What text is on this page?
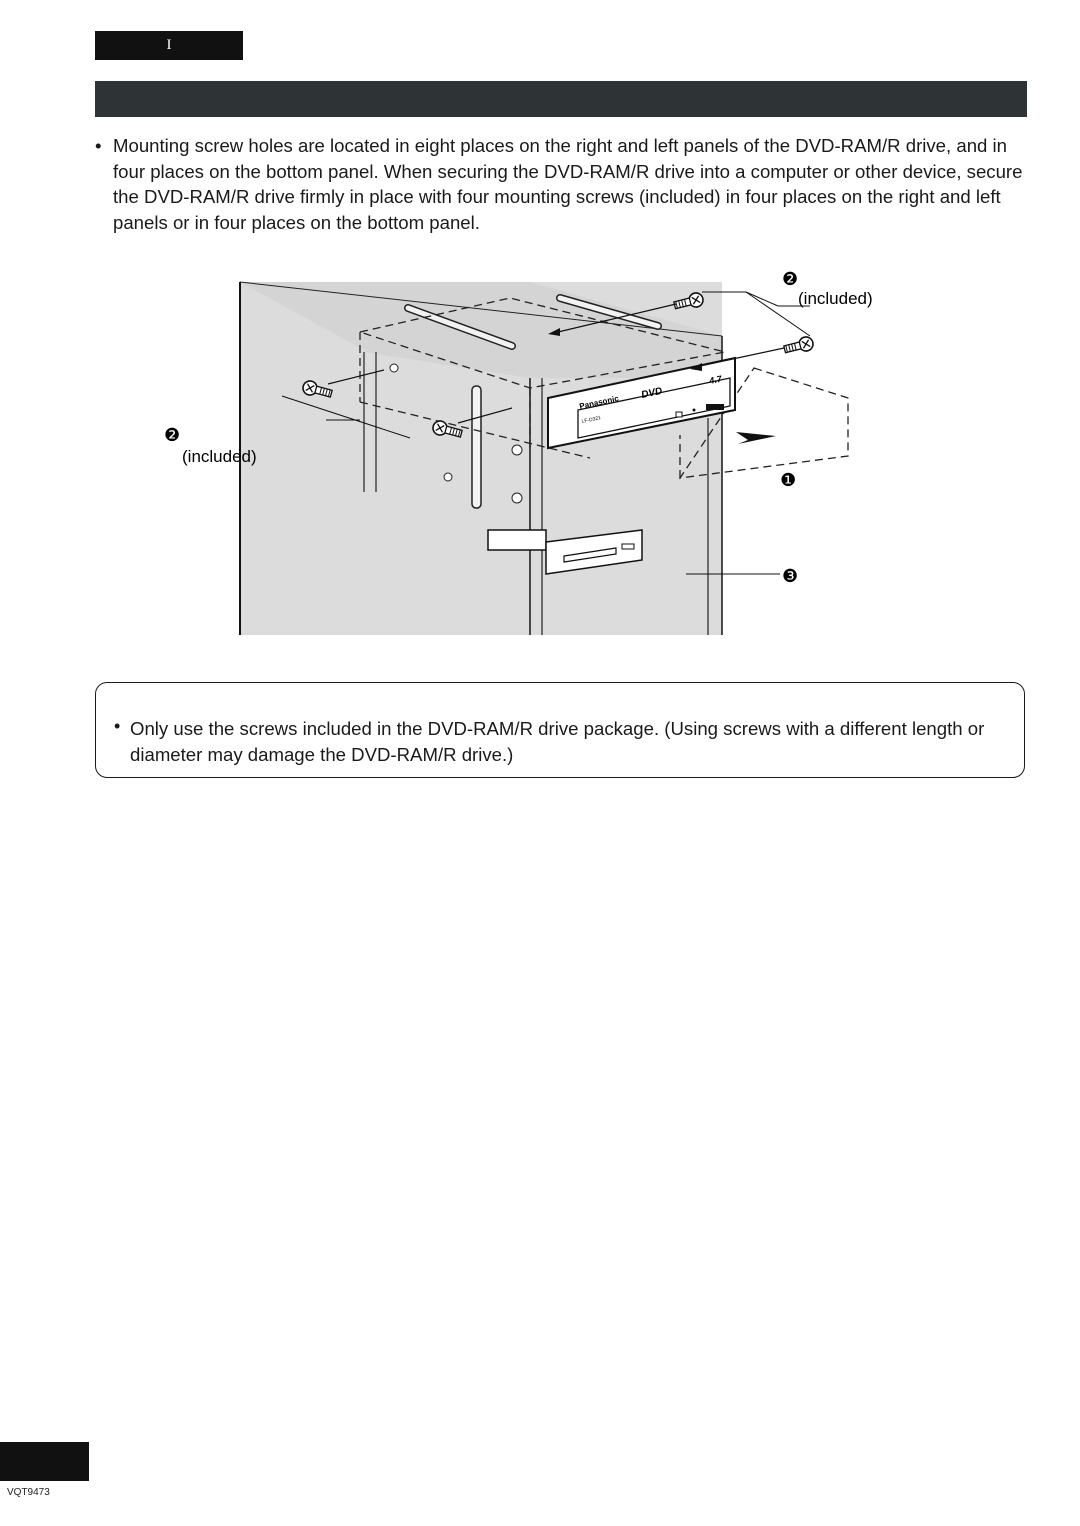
I
• Mounting screw holes are located in eight places on the right and left panels of the DVD-RAM/R drive, and in four places on the bottom panel. When securing the DVD-RAM/R drive into a computer or other device, secure the DVD-RAM/R drive firmly in place with four mounting screws (included) in four places on the right and left panels or in four places on the bottom panel.

Panasonic
LF-D321
DVD
4.7
❷
(included)
❷
(included)
❶
❸
• Only use the screws included in the DVD-RAM/R drive package. (Using screws with a different length or diameter may damage the DVD-RAM/R drive.)

VQT9473
